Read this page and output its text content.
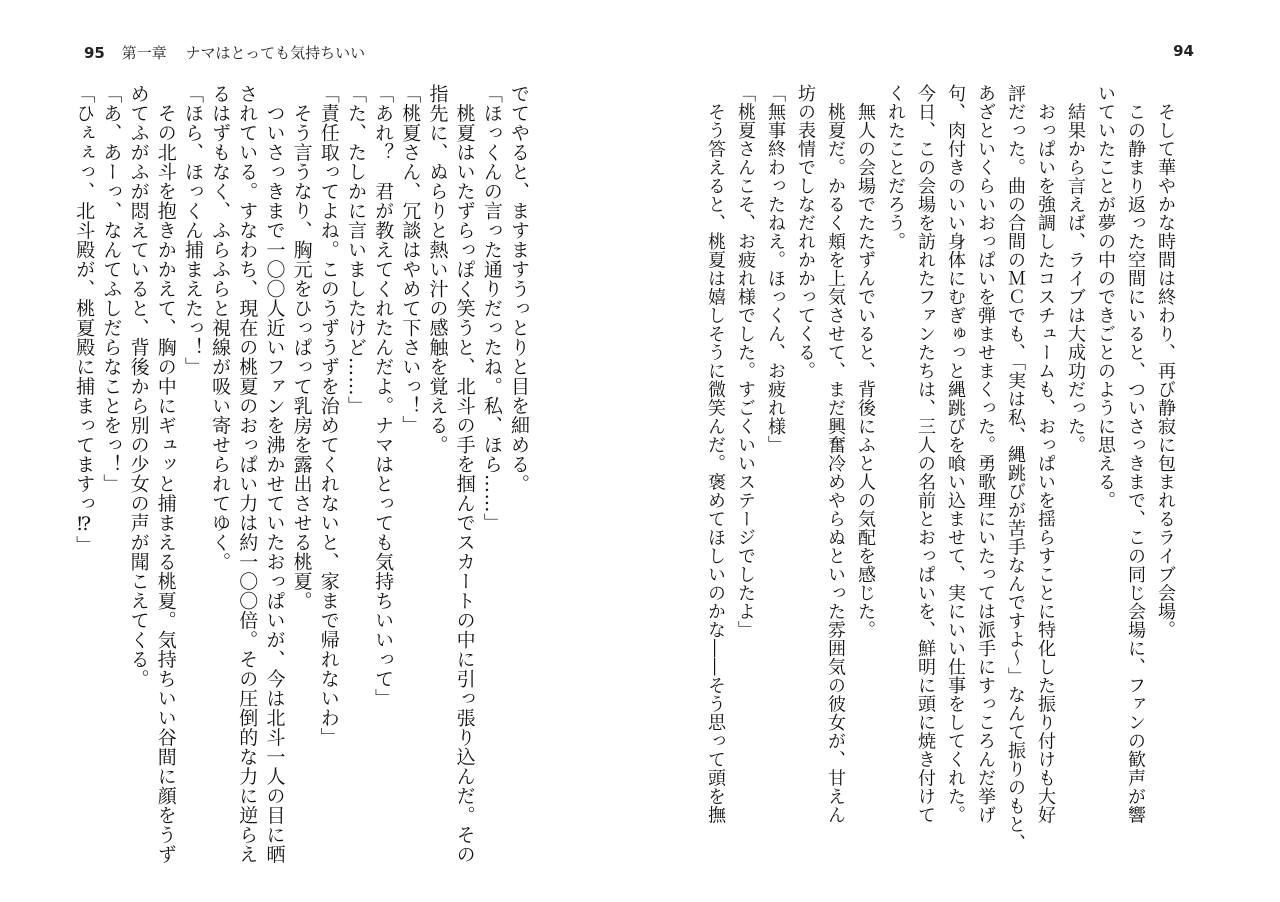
95 第一章 ナマはとっても気持ちいい	94

　そして華やかな時間は終わり、再び静寂に包まれるライブ会場。

　この静まり返った空間にいると、ついさっきまで、この同じ会場に、ファンの歓声が響

いていたことが夢の中のできごとのように思える。

　結果から言えば、ライブは大成功だった。

　おっぱいを強調したコスチュームも、おっぱいを揺らすことに特化した振り付けも大好

評だった。曲の合間のＭＣでも、「実は私、縄跳びが苦手なんですよ～」なんて振りのもと、

あざといくらいおっぱいを弾ませまくった。勇歌理にいたっては派手にすっころんだ挙げ

句、肉付きのいい身体にむぎゅっと縄跳びを喰い込ませて、実にいい仕事をしてくれた。

今日、この会場を訪れたファンたちは、三人の名前とおっぱいを、鮮明に頭に焼き付けて

くれたことだろう。

　無人の会場でたたずんでいると、背後にふと人の気配を感じた。

　桃夏だ。かるく頬を上気させて、まだ興奮冷めやらぬといった雰囲気の彼女が、甘えん

坊の表情でしなだれかかってくる。

「無事終わったねえ。ほっくん、お疲れ様」

「桃夏さんこそ、お疲れ様でした。すごくいいステージでしたよ」

　そう答えると、桃夏は嬉しそうに微笑んだ。褒めてほしいのかな――そう思って頭を撫

でてやると、ますますうっとりと目を細める。

「ほっくんの言った通りだったね。私、ほら……」

　桃夏はいたずらっぽく笑うと、北斗の手を掴んでスカートの中に引っ張り込んだ。その

指先に、ぬらりと熱い汁の感触を覚える。

「桃夏さん、冗談はやめて下さいっ！」

「あれ？　君が教えてくれたんだよ。ナマはとっても気持ちいいって」

「た、たしかに言いましたけど……」

「責任取ってよね。このうずうずを治めてくれないと、家まで帰れないわ」

　そう言うなり、胸元をひっぱって乳房を露出させる桃夏。

　ついさっきまで一〇〇人近いファンを沸かせていたおっぱいが、今は北斗一人の目に晒

されている。すなわち、現在の桃夏のおっぱい力は約一〇〇倍。その圧倒的な力に逆らえ

るはずもなく、ふらふらと視線が吸い寄せられてゆく。

「ほら、ほっくん捕まえたっ！」

　その北斗を抱きかかえて、胸の中にギュッと捕まえる桃夏。気持ちいい谷間に顔をうず

めてふがふが悶えていると、背後から別の少女の声が聞こえてくる。

「あ、あーっ、なんてふしだらなことをっ！」

「ひぇぇっ、北斗殿が、桃夏殿に捕まってますっ⁉」
